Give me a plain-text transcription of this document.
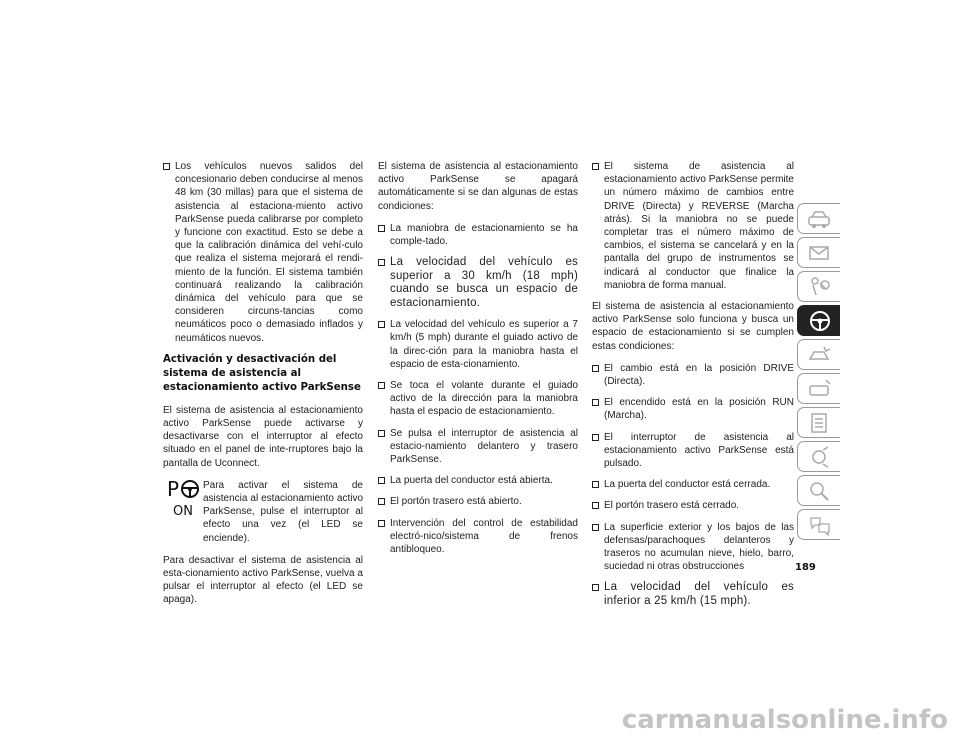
Los vehículos nuevos salidos del concesionario deben conducirse al menos 48 km (30 millas) para que el sistema de asistencia al estaciona-miento activo ParkSense pueda calibrarse por completo y funcione con exactitud. Esto se debe a que la calibración dinámica del vehí-culo que realiza el sistema mejorará el rendi-miento de la función. El sistema también continuará realizando la calibración dinámica del vehículo para que se consideren circuns-tancias como neumáticos poco o demasiado inflados y neumáticos nuevos.
Activación y desactivación del sistema de asistencia al estacionamiento activo ParkSense

El sistema de asistencia al estacionamiento activo ParkSense puede activarse y desactivarse con el interruptor al efecto situado en el panel de inte-rruptores bajo la pantalla de Uconnect.

P
ON

Para activar el sistema de asistencia al estacionamiento activo ParkSense, pulse el interruptor al efecto una vez (el LED se enciende).

Para desactivar el sistema de asistencia al esta-cionamiento activo ParkSense, vuelva a pulsar el interruptor al efecto (el LED se apaga).

El sistema de asistencia al estacionamiento activo ParkSense se apagará automáticamente si se dan algunas de estas condiciones:

La maniobra de estacionamiento se ha comple-tado.
La velocidad del vehículo es superior a 30 km/h (18 mph) cuando se busca un espacio de estacionamiento.
La velocidad del vehículo es superior a 7 km/h (5 mph) durante el guiado activo de la direc-ción para la maniobra hasta el espacio de esta-cionamiento.
Se toca el volante durante el guiado activo de la dirección para la maniobra hasta el espacio de estacionamiento.
Se pulsa el interruptor de asistencia al estacio-namiento delantero y trasero ParkSense.
La puerta del conductor está abierta.
El portón trasero está abierto.
Intervención del control de estabilidad electró-nico/sistema de frenos antibloqueo.
El sistema de asistencia al estacionamiento activo ParkSense permite un número máximo de cambios entre DRIVE (Directa) y REVERSE (Marcha atrás). Si la maniobra no se puede completar tras el número máximo de cambios, el sistema se cancelará y en la pantalla del grupo de instrumentos se indicará al conductor que finalice la maniobra de forma manual.

El sistema de asistencia al estacionamiento activo ParkSense solo funciona y busca un espacio de estacionamiento si se cumplen estas condiciones:

El cambio está en la posición DRIVE (Directa).
El encendido está en la posición RUN (Marcha).
El interruptor de asistencia al estacionamiento activo ParkSense está pulsado.
La puerta del conductor está cerrada.
El portón trasero está cerrado.
La superficie exterior y los bajos de las defensas/parachoques delanteros y traseros no acumulan nieve, hielo, barro, suciedad ni otras obstrucciones
La velocidad del vehículo es inferior a 25 km/h (15 mph).
189
carmanualsonline.info
